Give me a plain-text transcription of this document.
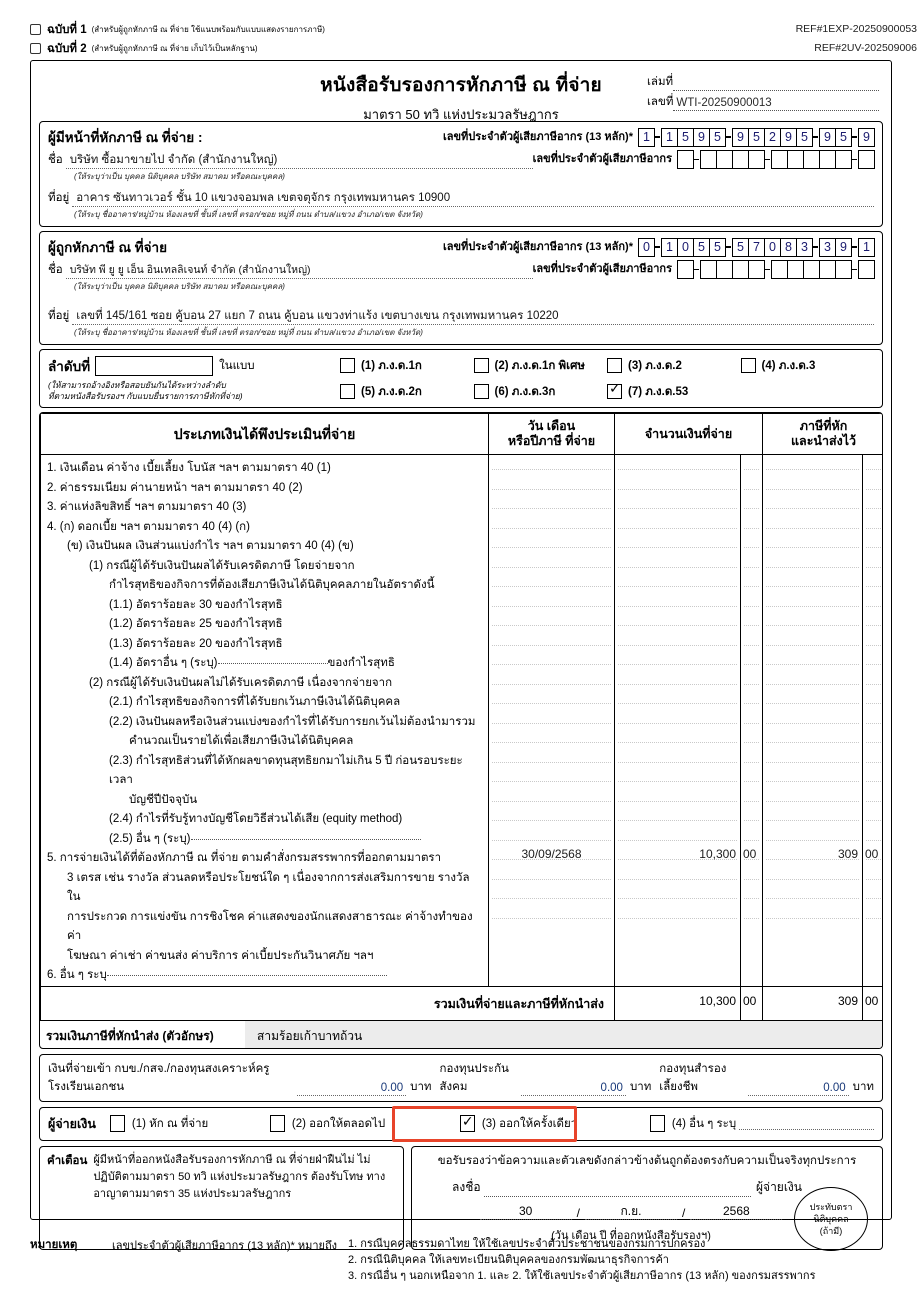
ฉบับที่ 1 (สำหรับผู้ถูกหักภาษี ณ ที่จ่าย ใช้แนบพร้อมกับแบบแสดงรายการภาษี)
ฉบับที่ 2 (สำหรับผู้ถูกหักภาษี ณ ที่จ่าย เก็บไว้เป็นหลักฐาน)
REF#1EXP-20250900053
REF#2UV-202509006
หนังสือรับรองการหักภาษี ณ ที่จ่าย
มาตรา 50 ทวิ แห่งประมวลรัษฎากร
เล่มที่
เลขที่ WTI-20250900013
ผู้มีหน้าที่หักภาษี ณ ที่จ่าย :	เลขที่ประจำตัวผู้เสียภาษีอากร (13 หลัก)* 1	1 5 9 5	9 5 2 9 5	9 5	9
ชื่อ บริษัท ซื้อมาขายไป จำกัด (สำนักงานใหญ่)	เลขที่ประจำตัวผู้เสียภาษีอากร
(ให้ระบุว่าเป็น บุคคล นิติบุคคล บริษัท สมาคม หรือคณะบุคคล)
ที่อยู่ อาคาร ซันทาวเวอร์ ชั้น 10 แขวงจอมพล เขตจตุจักร กรุงเทพมหานคร 10900
(ให้ระบุ ชื่ออาคาร/หมู่บ้าน ห้องเลขที่ ชั้นที่ เลขที่ ตรอก/ซอย หมู่ที่ ถนน ตำบล/แขวง อำเภอ/เขต จังหวัด)
ผู้ถูกหักภาษี ณ ที่จ่าย	เลขที่ประจำตัวผู้เสียภาษีอากร (13 หลัก)* 0	1 0 5 5	5 7 0 8 3	3 9	1
ชื่อ บริษัท พี ยู ยู เอ็น อินเทลลิเจนท์ จำกัด (สำนักงานใหญ่)	เลขที่ประจำตัวผู้เสียภาษีอากร
(ให้ระบุว่าเป็น บุคคล นิติบุคคล บริษัท สมาคม หรือคณะบุคคล)
ที่อยู่ เลขที่ 145/161 ซอย คู้บอน 27 แยก 7 ถนน คู้บอน แขวงท่าแร้ง เขตบางเขน กรุงเทพมหานคร 10220
(ให้ระบุ ชื่ออาคาร/หมู่บ้าน ห้องเลขที่ ชั้นที่ เลขที่ ตรอก/ซอย หมู่ที่ ถนน ตำบล/แขวง อำเภอ/เขต จังหวัด)
ลำดับที่	ในแบบ
(ให้สามารถอ้างอิงหรือสอบยันกันได้ระหว่างลำดับ
ที่ตามหนังสือรับรองฯ กับแบบยื่นรายการภาษีหักที่จ่าย)
(1) ภ.ง.ด.1ก	(2) ภ.ง.ด.1ก พิเศษ	(3) ภ.ง.ด.2	(4) ภ.ง.ด.3
(5) ภ.ง.ด.2ก	(6) ภ.ง.ด.3ก ✓	(7) ภ.ง.ด.53
ประเภทเงินได้พึงประเมินที่จ่าย	วัน เดือน
หรือปีภาษี ที่จ่าย
	จำนวนเงินที่จ่าย	
ภาษีที่หัก
และนำส่งไว้

1. เงินเดือน ค่าจ้าง เบี้ยเลี้ยง โบนัส ฯลฯ ตามมาตรา 40 (1)
2. ค่าธรรมเนียม ค่านายหน้า ฯลฯ ตามมาตรา 40 (2)
3. ค่าแห่งลิขสิทธิ์ ฯลฯ ตามมาตรา 40 (3)
4. (ก) ดอกเบี้ย ฯลฯ ตามมาตรา 40 (4) (ก)
(ข) เงินปันผล เงินส่วนแบ่งกำไร ฯลฯ ตามมาตรา 40 (4) (ข)
(1) กรณีผู้ได้รับเงินปันผลได้รับเครดิตภาษี โดยจ่ายจาก
กำไรสุทธิของกิจการที่ต้องเสียภาษีเงินได้นิติบุคคลภายในอัตราดังนี้
(1.1) อัตราร้อยละ 30 ของกำไรสุทธิ
(1.2) อัตราร้อยละ 25 ของกำไรสุทธิ
(1.3) อัตราร้อยละ 20 ของกำไรสุทธิ
(1.4) อัตราอื่น ๆ (ระบุ)	ของกำไรสุทธิ
(2) กรณีผู้ได้รับเงินปันผลไม่ได้รับเครดิตภาษี เนื่องจากจ่ายจาก
(2.1) กำไรสุทธิของกิจการที่ได้รับยกเว้นภาษีเงินได้นิติบุคคล
(2.2) เงินปันผลหรือเงินส่วนแบ่งของกำไรที่ได้รับการยกเว้นไม่ต้องนำมารวม
คำนวณเป็นรายได้เพื่อเสียภาษีเงินได้นิติบุคคล
(2.3) กำไรสุทธิส่วนที่ได้หักผลขาดทุนสุทธิยกมาไม่เกิน 5 ปี ก่อนรอบระยะเวลา
บัญชีปีปัจจุบัน
(2.4) กำไรที่รับรู้ทางบัญชีโดยวิธีส่วนได้เสีย (equity method)
(2.5) อื่น ๆ (ระบุ)
5. การจ่ายเงินได้ที่ต้องหักภาษี ณ ที่จ่าย ตามคำสั่งกรมสรรพากรที่ออกตามมาตรา
3 เตรส เช่น รางวัล ส่วนลดหรือประโยชน์ใด ๆ เนื่องจากการส่งเสริมการขาย รางวัลใน
การประกวด การแข่งขัน การชิงโชค ค่าแสดงของนักแสดงสาธารณะ ค่าจ้างทำของ ค่า
โฆษณา ค่าเช่า ค่าขนส่ง ค่าบริการ ค่าเบี้ยประกันวินาศภัย ฯลฯ
6. อื่น ๆ ระบุ

30/09/2568	10,300	00	309	00

รวมเงินที่จ่ายและภาษีที่หักนำส่ง		10,300	00	309	00
รวมเงินภาษีที่หักนำส่ง (ตัวอักษร)	สามร้อยเก้าบาทถ้วน
เงินที่จ่ายเข้า กบข./กสจ./กองทุนสงเคราะห์ครูโรงเรียนเอกชน	0.00 บาท
กองทุนประกันสังคม	0.00 บาท
กองทุนสำรองเลี้ยงชีพ	0.00 บาท
ผู้จ่ายเงิน	(1) หัก ณ ที่จ่าย	(2) ออกให้ตลอดไป ✓	(3) ออกให้ครั้งเดียว	(4) อื่น ๆ ระบุ
คำเตือน ผู้มีหน้าที่ออกหนังสือรับรองการหักภาษี ณ ที่จ่ายฝ่าฝืนไม่ ไม่ปฏิบัติตามมาตรา 50 ทวิ แห่งประมวลรัษฎากร ต้องรับโทษ ทางอาญาตามมาตรา 35 แห่งประมวลรัษฎากร
ขอรับรองว่าข้อความและตัวเลขดังกล่าวข้างต้นถูกต้องตรงกับความเป็นจริงทุกประการ
ลงชื่อ	ผู้จ่ายเงิน
30	/	ก.ย.	/	2568
(วัน เดือน ปี ที่ออกหนังสือรับรองฯ)
ประทับตรา
นิติบุคคล
(ถ้ามี)
หมายเหตุ	เลขประจำตัวผู้เสียภาษีอากร (13 หลัก)* หมายถึง	1. กรณีบุคคลธรรมดาไทย ให้ใช้เลขประจำตัวประชาชนของกรมการปกครอง
2. กรณีนิติบุคคล ให้เลขทะเบียนนิติบุคคลของกรมพัฒนาธุรกิจการค้า
3. กรณีอื่น ๆ นอกเหนือจาก 1. และ 2. ให้ใช้เลขประจำตัวผู้เสียภาษีอากร (13 หลัก) ของกรมสรรพากร
